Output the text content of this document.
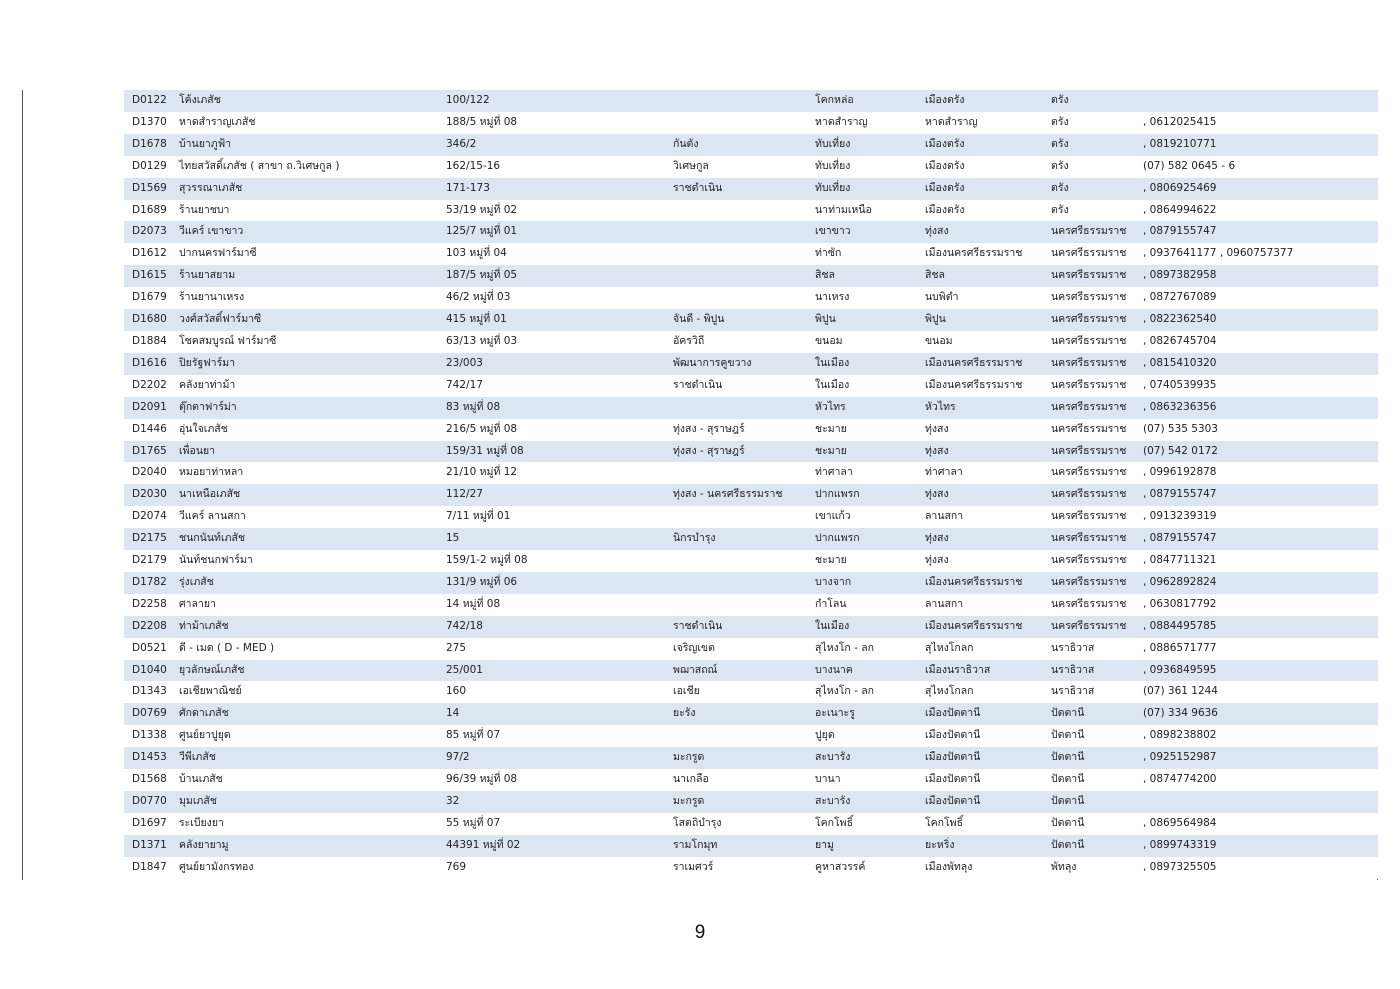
D0122	โค้งเภสัช	100/122		โคกหล่อ	เมืองตรัง	ตรัง	
D1370	หาดสำราญเภสัช	188/5 หมู่ที่ 08		หาดสำราญ	หาดสำราญ	ตรัง	, 0612025415
D1678	บ้านยาภูฟ้า	346/2	กันตัง	ทับเที่ยง	เมืองตรัง	ตรัง	, 0819210771
D0129	ไทยสวัสดิ์เภสัช ( สาขา ถ.วิเศษกูล )	162/15-16	วิเศษกูล	ทับเที่ยง	เมืองตรัง	ตรัง	(07) 582 0645 - 6
D1569	สุวรรณาเภสัช	171-173	ราชดำเนิน	ทับเที่ยง	เมืองตรัง	ตรัง	, 0806925469
D1689	ร้านยาชบา	53/19 หมู่ที่ 02		นาท่ามเหนือ	เมืองตรัง	ตรัง	, 0864994622
D2073	วีแคร์ เขาขาว	125/7 หมู่ที่ 01		เขาขาว	ทุ่งสง	นครศรีธรรมราช	, 0879155747
D1612	ปากนครฟาร์มาซี	103 หมู่ที่ 04		ท่าซัก	เมืองนครศรีธรรมราช	นครศรีธรรมราช	, 0937641177 , 0960757377
D1615	ร้านยาสยาม	187/5 หมู่ที่ 05		สิชล	สิชล	นครศรีธรรมราช	, 0897382958
D1679	ร้านยานาเหรง	46/2 หมู่ที่ 03		นาเหรง	นบพิตำ	นครศรีธรรมราช	, 0872767089
D1680	วงศ์สวัสดิ์ฟาร์มาซี	415 หมู่ที่ 01	จันดี - พิปูน	พิปูน	พิปูน	นครศรีธรรมราช	, 0822362540
D1884	โชคสมบูรณ์ ฟาร์มาซี	63/13 หมู่ที่ 03	อัครวิถี	ขนอม	ขนอม	นครศรีธรรมราช	, 0826745704
D1616	ปิยรัฐฟาร์มา	23/003	พัฒนาการคูขวาง	ในเมือง	เมืองนครศรีธรรมราช	นครศรีธรรมราช	, 0815410320
D2202	คลังยาท่าม้า	742/17	ราชดำเนิน	ในเมือง	เมืองนครศรีธรรมราช	นครศรีธรรมราช	, 0740539935
D2091	ตุ๊กตาฟาร์ม่า	83 หมู่ที่ 08		หัวไทร	หัวไทร	นครศรีธรรมราช	, 0863236356
D1446	อุ่นใจเภสัช	216/5 หมู่ที่ 08	ทุ่งสง - สุราษฎร์	ชะมาย	ทุ่งสง	นครศรีธรรมราช	(07) 535 5303
D1765	เพื่อนยา	159/31 หมู่ที่ 08	ทุ่งสง - สุราษฎร์	ชะมาย	ทุ่งสง	นครศรีธรรมราช	(07) 542 0172
D2040	หมอยาท่าหลา	21/10 หมู่ที่ 12		ท่าศาลา	ท่าศาลา	นครศรีธรรมราช	, 0996192878
D2030	นาเหนือเภสัช	112/27	ทุ่งสง - นครศรีธรรมราช	ปากแพรก	ทุ่งสง	นครศรีธรรมราช	, 0879155747
D2074	วีแคร์ ลานสกา	7/11 หมู่ที่ 01		เขาแก้ว	ลานสกา	นครศรีธรรมราช	, 0913239319
D2175	ชนกนันท์เภสัช	15	นิกรบำรุง	ปากแพรก	ทุ่งสง	นครศรีธรรมราช	, 0879155747
D2179	นันท์ชนกฟาร์มา	159/1-2 หมู่ที่ 08		ชะมาย	ทุ่งสง	นครศรีธรรมราช	, 0847711321
D1782	รุ่งเภสัช	131/9 หมู่ที่ 06		บางจาก	เมืองนครศรีธรรมราช	นครศรีธรรมราช	, 0962892824
D2258	ศาลายา	14 หมู่ที่ 08		กำโลน	ลานสกา	นครศรีธรรมราช	, 0630817792
D2208	ท่าม้าเภสัช	742/18	ราชดำเนิน	ในเมือง	เมืองนครศรีธรรมราช	นครศรีธรรมราช	, 0884495785
D0521	ดี - เมด ( D - MED )	275	เจริญเขต	สุไหงโก - ลก	สุไหงโกลก	นราธิวาส	, 0886571777
D1040	ยุวลักษณ์เภสัช	25/001	พฌาสถณ์	บางนาค	เมืองนราธิวาส	นราธิวาส	, 0936849595
D1343	เอเชียพาณิชย์	160	เอเชีย	สุไหงโก - ลก	สุไหงโกลก	นราธิวาส	(07) 361 1244
D0769	ศักดาเภสัช	14	ยะรัง	อะเนาะรู	เมืองปัตตานี	ปัตตานี	(07) 334 9636
D1338	ศูนย์ยาปูยุด	85 หมู่ที่ 07		ปูยุด	เมืองปัตตานี	ปัตตานี	, 0898238802
D1453	วีพีเภสัช	97/2	มะกรูด	สะบารัง	เมืองปัตตานี	ปัตตานี	, 0925152987
D1568	บ้านเภสัช	96/39 หมู่ที่ 08	นาเกลือ	บานา	เมืองปัตตานี	ปัตตานี	, 0874774200
D0770	มุมเภสัช	32	มะกรูด	สะบารัง	เมืองปัตตานี	ปัตตานี	
D1697	ระเบียงยา	55 หมู่ที่ 07	โสตถิบำรุง	โคกโพธิ์	โคกโพธิ์	ปัตตานี	, 0869564984
D1371	คลังยายามู	44391 หมู่ที่ 02	รามโกมุท	ยามู	ยะหริ่ง	ปัตตานี	, 0899743319
D1847	ศูนย์ยามังกรทอง	769	ราเมศวร์	คูหาสวรรค์	เมืองพัทลุง	พัทลุง	, 0897325505
9
